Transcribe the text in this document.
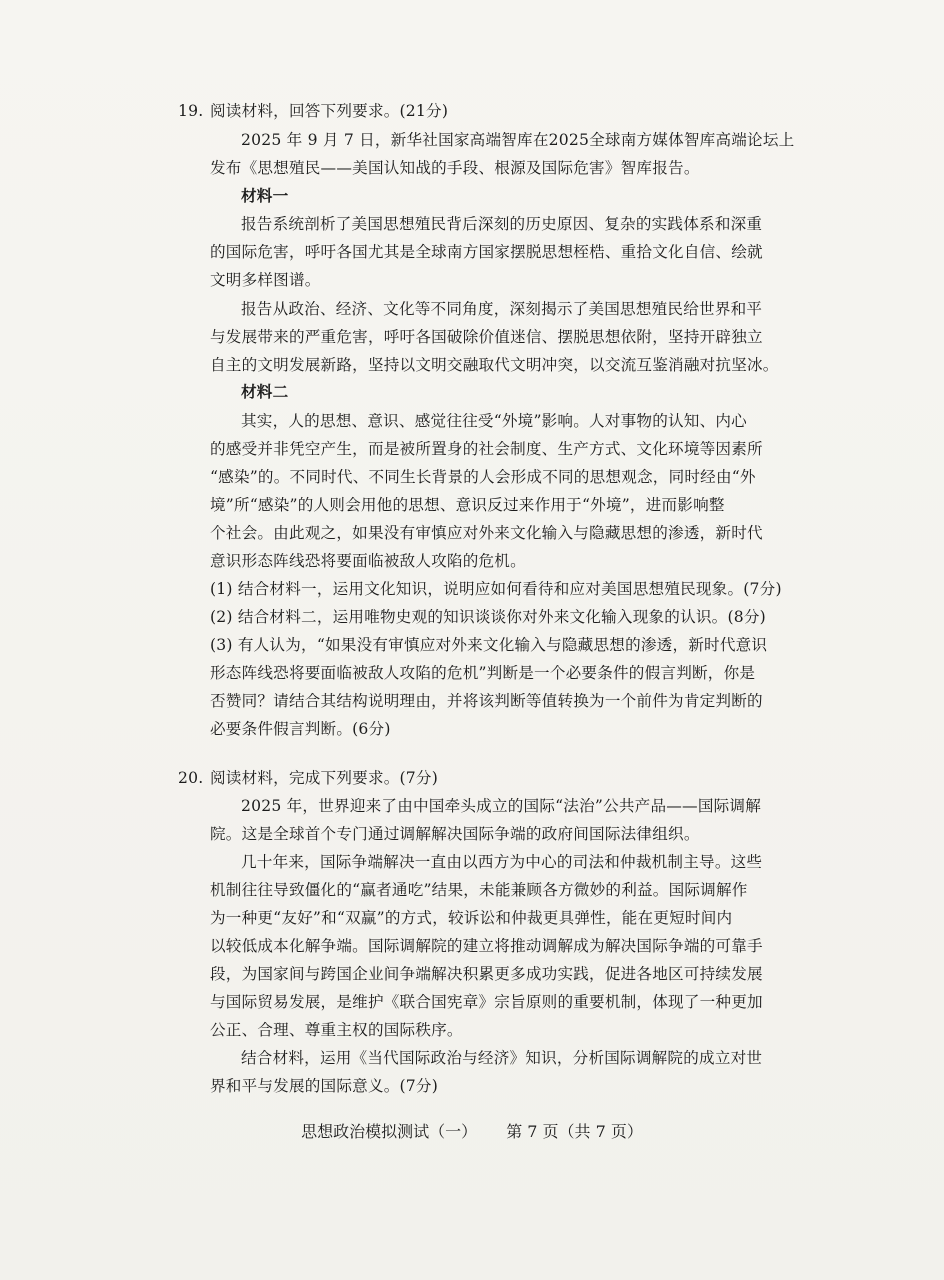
19. 阅读材料，回答下列要求。(21分)
2025 年 9 月 7 日，新华社国家高端智库在2025全球南方媒体智库高端论坛上
发布《思想殖民——美国认知战的手段、根源及国际危害》智库报告。
材料一
报告系统剖析了美国思想殖民背后深刻的历史原因、复杂的实践体系和深重
的国际危害，呼吁各国尤其是全球南方国家摆脱思想桎梏、重拾文化自信、绘就
文明多样图谱。
报告从政治、经济、文化等不同角度，深刻揭示了美国思想殖民给世界和平
与发展带来的严重危害，呼吁各国破除价值迷信、摆脱思想依附，坚持开辟独立
自主的文明发展新路，坚持以文明交融取代文明冲突，以交流互鉴消融对抗坚冰。
材料二
其实，人的思想、意识、感觉往往受“外境”影响。人对事物的认知、内心
的感受并非凭空产生，而是被所置身的社会制度、生产方式、文化环境等因素所
“感染”的。不同时代、不同生长背景的人会形成不同的思想观念，同时经由“外
境”所“感染”的人则会用他的思想、意识反过来作用于“外境”，进而影响整
个社会。由此观之，如果没有审慎应对外来文化输入与隐藏思想的渗透，新时代
意识形态阵线恐将要面临被敌人攻陷的危机。
(1) 结合材料一，运用文化知识，说明应如何看待和应对美国思想殖民现象。(7分)
(2) 结合材料二，运用唯物史观的知识谈谈你对外来文化输入现象的认识。(8分)
(3) 有人认为，“如果没有审慎应对外来文化输入与隐藏思想的渗透，新时代意识
形态阵线恐将要面临被敌人攻陷的危机”判断是一个必要条件的假言判断，你是
否赞同？请结合其结构说明理由，并将该判断等值转换为一个前件为肯定判断的
必要条件假言判断。(6分)
20. 阅读材料，完成下列要求。(7分)
2025 年，世界迎来了由中国牵头成立的国际“法治”公共产品——国际调解
院。这是全球首个专门通过调解解决国际争端的政府间国际法律组织。
几十年来，国际争端解决一直由以西方为中心的司法和仲裁机制主导。这些
机制往往导致僵化的“赢者通吃”结果，未能兼顾各方微妙的利益。国际调解作
为一种更“友好”和“双赢”的方式，较诉讼和仲裁更具弹性，能在更短时间内
以较低成本化解争端。国际调解院的建立将推动调解成为解决国际争端的可靠手
段，为国家间与跨国企业间争端解决积累更多成功实践，促进各地区可持续发展
与国际贸易发展，是维护《联合国宪章》宗旨原则的重要机制，体现了一种更加
公正、合理、尊重主权的国际秩序。
结合材料，运用《当代国际政治与经济》知识，分析国际调解院的成立对世
界和平与发展的国际意义。(7分)
思想政治模拟测试（一） 第 7 页（共 7 页）
